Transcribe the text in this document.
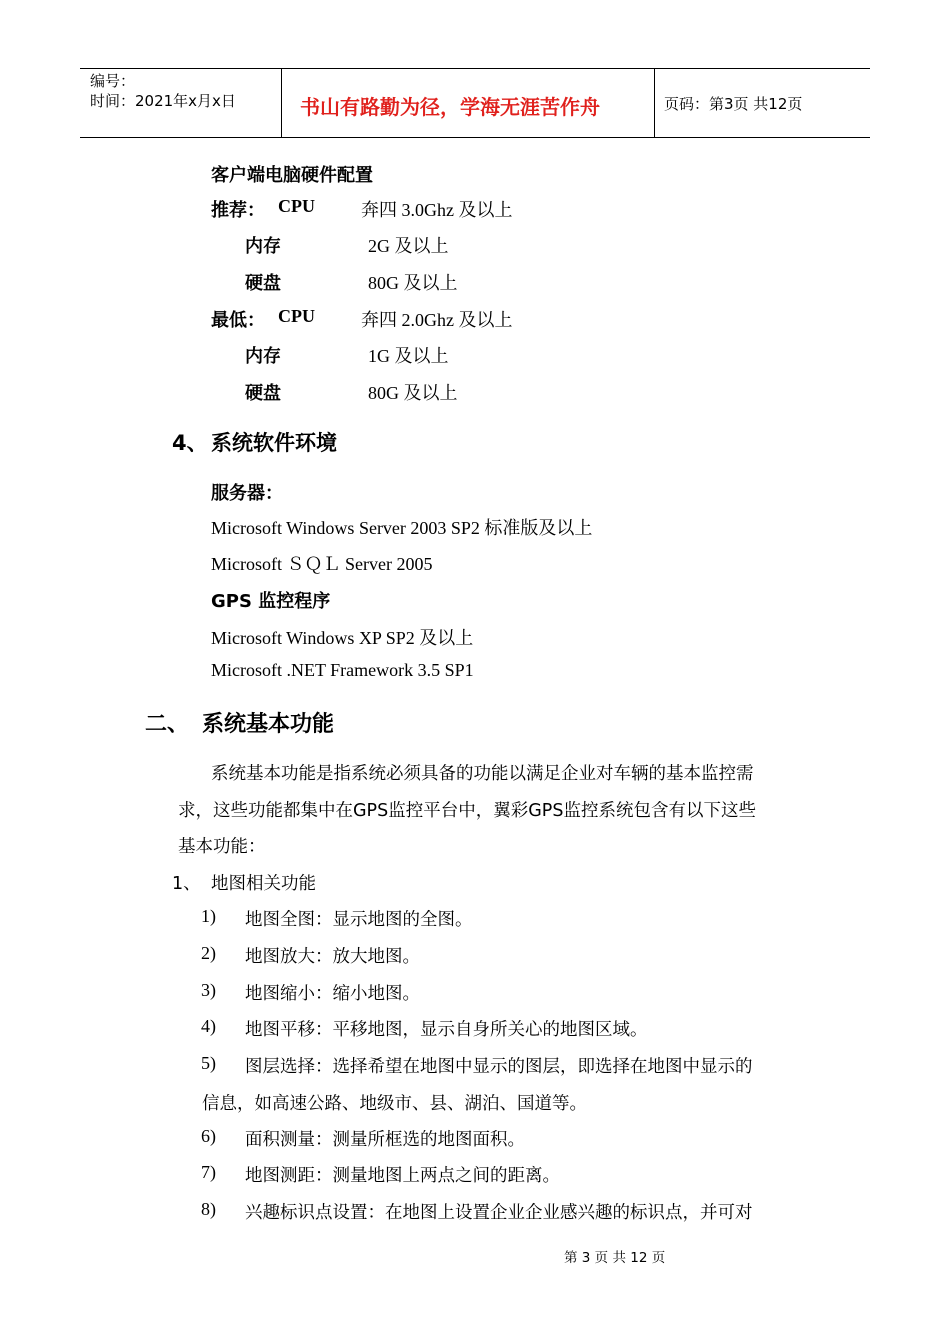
编号：
时间：2021年x月x日	书山有路勤为径，学海无涯苦作舟	页码：第3页 共12页
客户端电脑硬件配置
推荐： CPU	奔四 3.0Ghz 及以上
内存	2G 及以上
硬盘	80G 及以上
最低： CPU	奔四 2.0Ghz 及以上
内存	1G 及以上
硬盘	80G 及以上
4、 系统软件环境
服务器：
Microsoft Windows Server 2003 SP2 标准版及以上
Microsoft ＳＱＬ Server 2005
GPS 监控程序
Microsoft Windows XP SP2 及以上
Microsoft .NET Framework 3.5 SP1
二、 系统基本功能
系统基本功能是指系统必须具备的功能以满足企业对车辆的基本监控需
求，这些功能都集中在GPS监控平台中，翼彩GPS监控系统包含有以下这些
基本功能：
1、 地图相关功能
1) 地图全图：显示地图的全图。
2) 地图放大：放大地图。
3) 地图缩小：缩小地图。
4) 地图平移：平移地图，显示自身所关心的地图区域。
5) 图层选择：选择希望在地图中显示的图层，即选择在地图中显示的
信息，如高速公路、地级市、县、湖泊、国道等。
6) 面积测量：测量所框选的地图面积。
7) 地图测距：测量地图上两点之间的距离。
8) 兴趣标识点设置：在地图上设置企业企业感兴趣的标识点，并可对
第 3 页 共 12 页
